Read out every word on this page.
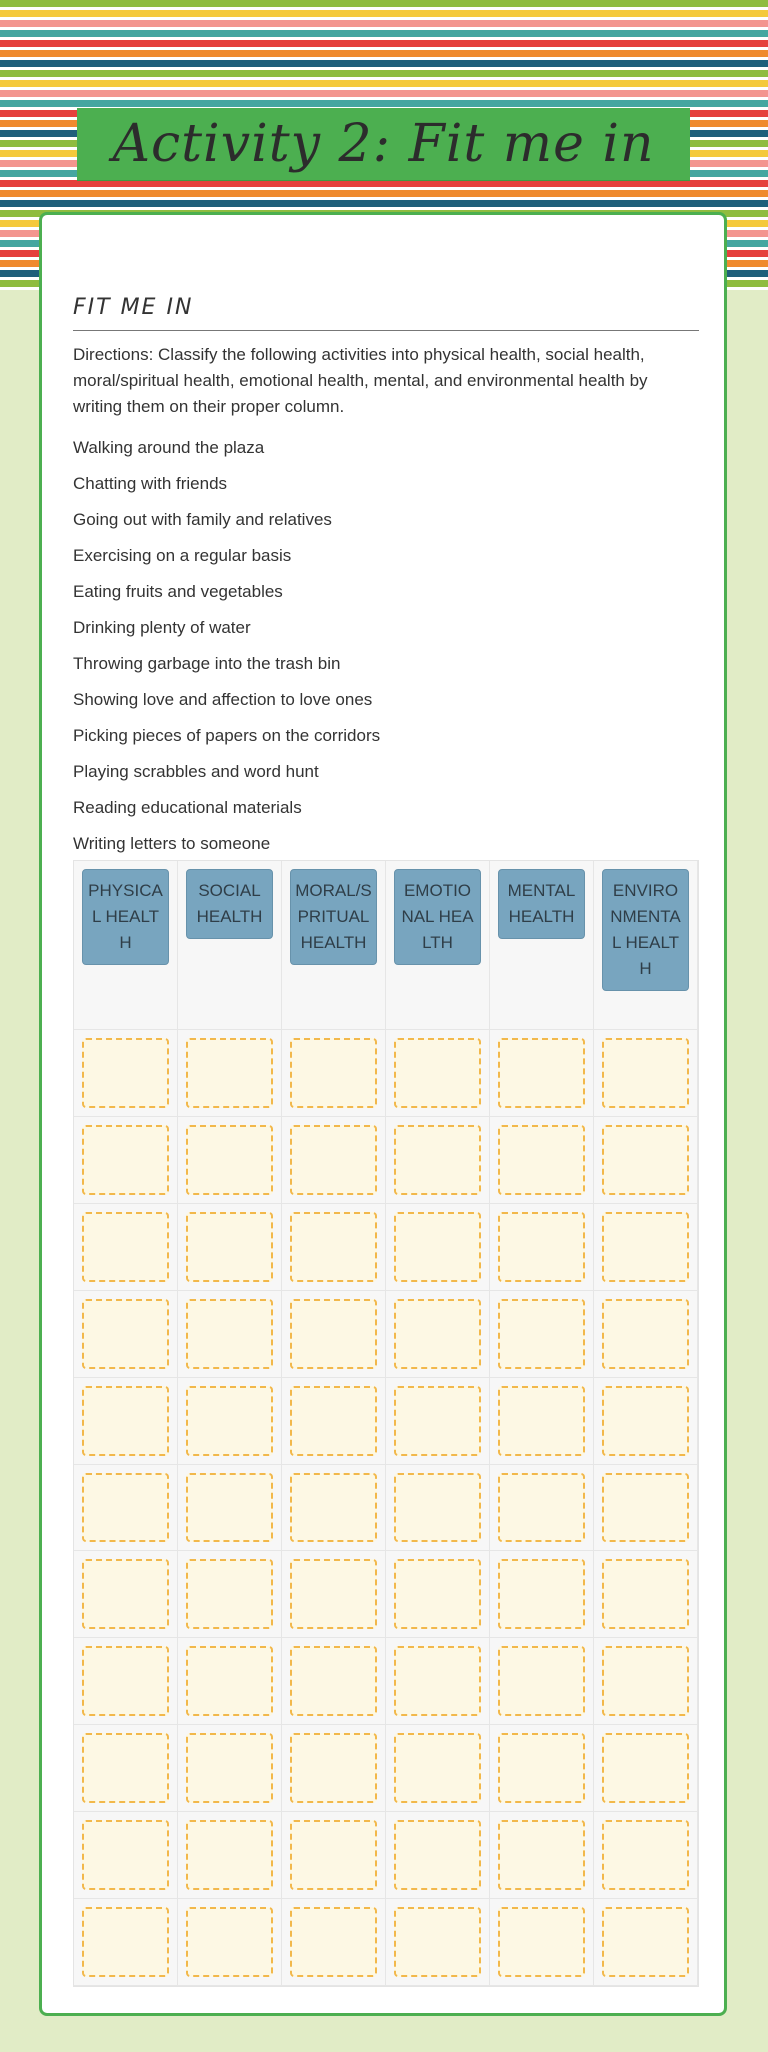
Activity 2: Fit me in
FIT ME IN
Directions: Classify the following activities into physical health, social health, moral/spiritual health, emotional health, mental, and environmental health by writing them on their proper column.
Walking around the plaza
Chatting with friends
Going out with family and relatives
Exercising on a regular basis
Eating fruits and vegetables
Drinking plenty of water
Throwing garbage into the trash bin
Showing love and affection to love ones
Picking pieces of papers on the corridors
Playing scrabbles and word hunt
Reading educational materials
Writing letters to someone
PHYSICAL HEALTH
SOCIAL HEALTH
MORAL/SPRITUAL HEALTH
EMOTIONAL HEALTH
MENTAL HEALTH
ENVIRONMENTAL HEALTH
